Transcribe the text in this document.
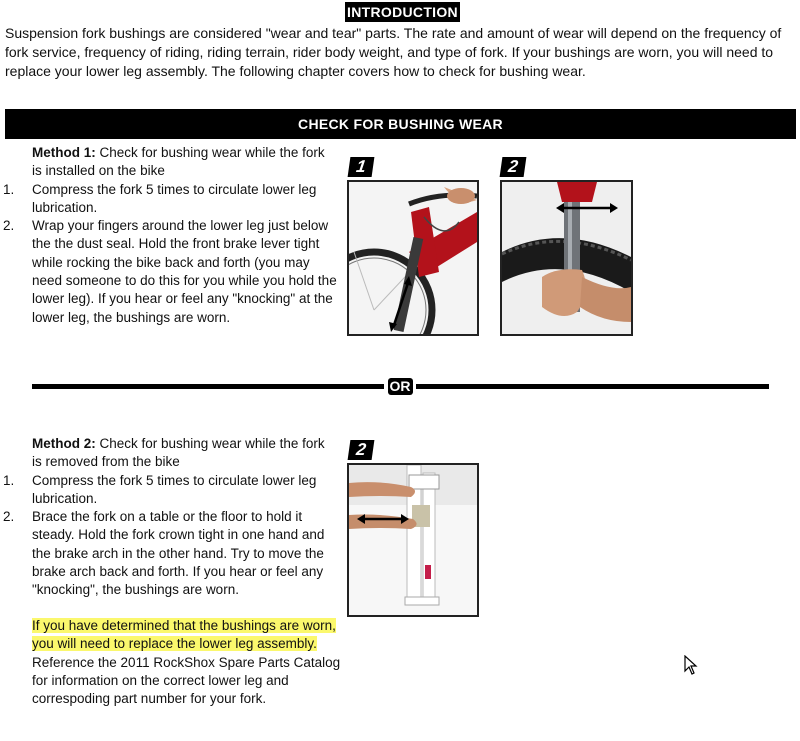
INTRODUCTION
Suspension fork bushings are considered "wear and tear" parts. The rate and amount of wear will depend on the frequency of fork service, frequency of riding, riding terrain, rider body weight, and type of fork. If your bushings are worn, you will need to replace your lower leg assembly. The following chapter covers how to check for bushing wear.
CHECK FOR BUSHING WEAR
Method 1: Check for bushing wear while the fork is installed on the bike
1.	Compress the fork 5 times to circulate lower leg lubrication.
2.	Wrap your fingers around the lower leg just below the the dust seal. Hold the front brake lever tight while rocking the bike back and forth (you may need someone to do this for you while you hold the lower leg). If you hear or feel any "knocking" at the lower leg, the bushings are worn.
1	2
OR
Method 2: Check for bushing wear while the fork is removed from the bike
1.	Compress the fork 5 times to circulate lower leg lubrication.
2.	Brace the fork on a table or the floor to hold it steady. Hold the fork crown tight in one hand and the brake arch in the other hand. Try to move the brake arch back and forth. If you hear or feel any "knocking", the bushings are worn.
2
If you have determined that the bushings are worn, you will need to replace the lower leg assembly. Reference the 2011 RockShox Spare Parts Catalog for information on the correct lower leg and correspoding part number for your fork.
